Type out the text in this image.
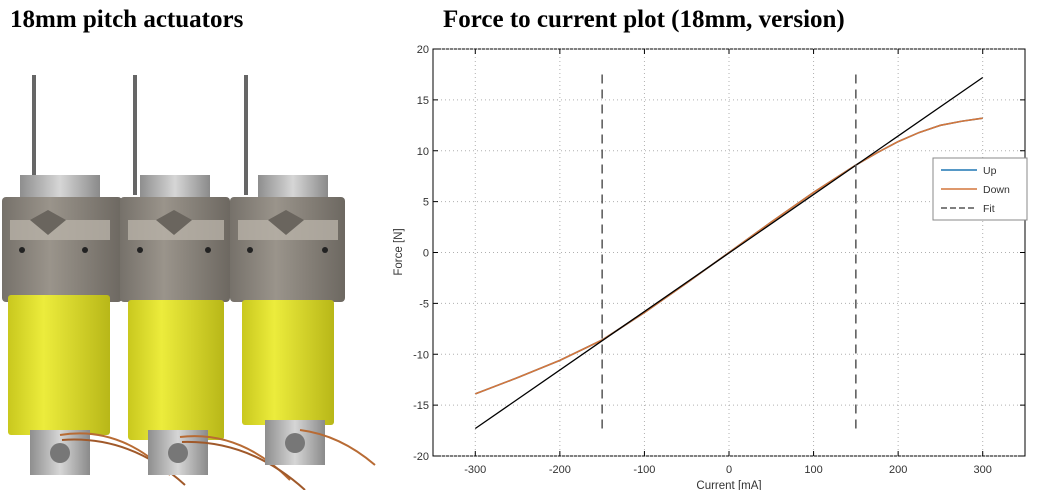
18mm pitch actuators	Force to current plot (18mm, version)
-300	-200	-100	0	100	200	300
-20
-15
-10
-5
0
5
10
15
20
Current [mA]
Force [N]
Up
Down
Fit
